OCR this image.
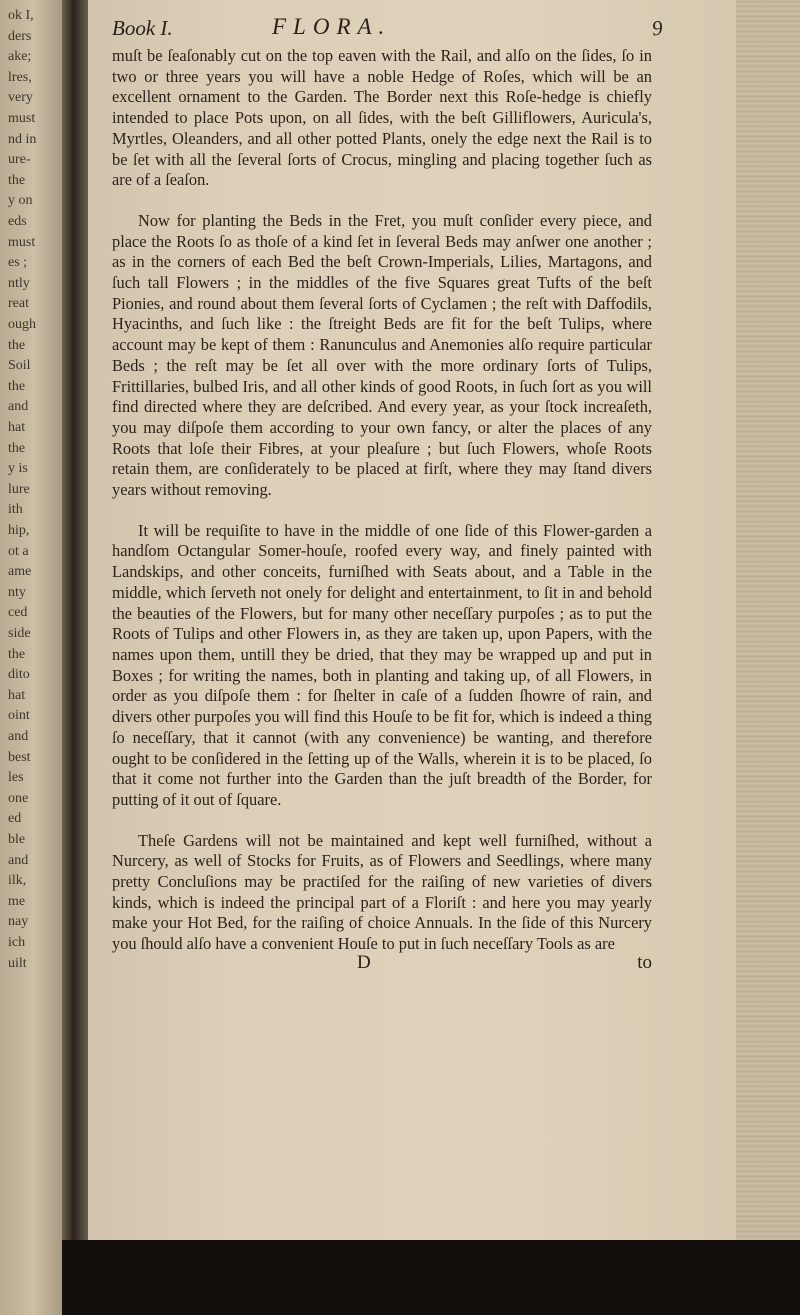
ok I,
ders
ake;
lres,
very
must
nd in
ure-
the
y on
eds
must
es ;
ntly
reat
ough
the
Soil
the
and
hat
the
y is
lure
ith
hip,
ot a
ame
nty
ced
side
the
dito
hat
oint
and
best
les
one
ed
ble
and
ilk,
me
nay
ich
uilt
Book I.	FLORA.	9

muſt be ſeaſonably cut on the top eaven with the Rail, and alſo on the ſides, ſo in two or three years you will have a noble Hedge of Roſes, which will be an excellent ornament to the Garden. The Border next this Roſe-hedge is chiefly intended to place Pots upon, on all ſides, with the beſt Gilliflowers, Auricula's, Myrtles, Oleanders, and all other potted Plants, onely the edge next the Rail is to be ſet with all the ſeveral ſorts of Crocus, mingling and placing together ſuch as are of a ſeaſon.

Now for planting the Beds in the Fret, you muſt conſider every piece, and place the Roots ſo as thoſe of a kind ſet in ſeveral Beds may anſwer one another ; as in the corners of each Bed the beſt Crown-Imperials, Lilies, Martagons, and ſuch tall Flowers ; in the middles of the five Squares great Tufts of the beſt Pionies, and round about them ſeveral ſorts of Cyclamen ; the reſt with Daffodils, Hyacinths, and ſuch like : the ſtreight Beds are fit for the beſt Tulips, where account may be kept of them : Ranunculus and Anemonies alſo require particular Beds ; the reſt may be ſet all over with the more ordinary ſorts of Tulips, Frittillaries, bulbed Iris, and all other kinds of good Roots, in ſuch ſort as you will find directed where they are deſcribed. And every year, as your ſtock increaſeth, you may diſpoſe them according to your own fancy, or alter the places of any Roots that loſe their Fibres, at your pleaſure ; but ſuch Flowers, whoſe Roots retain them, are conſiderately to be placed at firſt, where they may ſtand divers years without removing.

It will be requiſite to have in the middle of one ſide of this Flower-garden a handſom Octangular Somer-houſe, roofed every way, and finely painted with Landskips, and other conceits, furniſhed with Seats about, and a Table in the middle, which ſerveth not onely for delight and entertainment, to ſit in and behold the beauties of the Flowers, but for many other neceſſary purpoſes ; as to put the Roots of Tulips and other Flowers in, as they are taken up, upon Papers, with the names upon them, untill they be dried, that they may be wrapped up and put in Boxes ; for writing the names, both in planting and taking up, of all Flowers, in order as you diſpoſe them : for ſhelter in caſe of a ſudden ſhowre of rain, and divers other purpoſes you will find this Houſe to be fit for, which is indeed a thing ſo neceſſary, that it cannot (with any convenience) be wanting, and therefore ought to be conſidered in the ſetting up of the Walls, wherein it is to be placed, ſo that it come not further into the Garden than the juſt breadth of the Border, for putting of it out of ſquare.

Theſe Gardens will not be maintained and kept well furniſhed, without a Nurcery, as well of Stocks for Fruits, as of Flowers and Seedlings, where many pretty Concluſions may be practiſed for the raiſing of new varieties of divers kinds, which is indeed the principal part of a Floriſt : and here you may yearly make your Hot Bed, for the raiſing of choice Annuals. In the ſide of this Nurcery you ſhould alſo have a convenient Houſe to put in ſuch neceſſary Tools as are

D	to
